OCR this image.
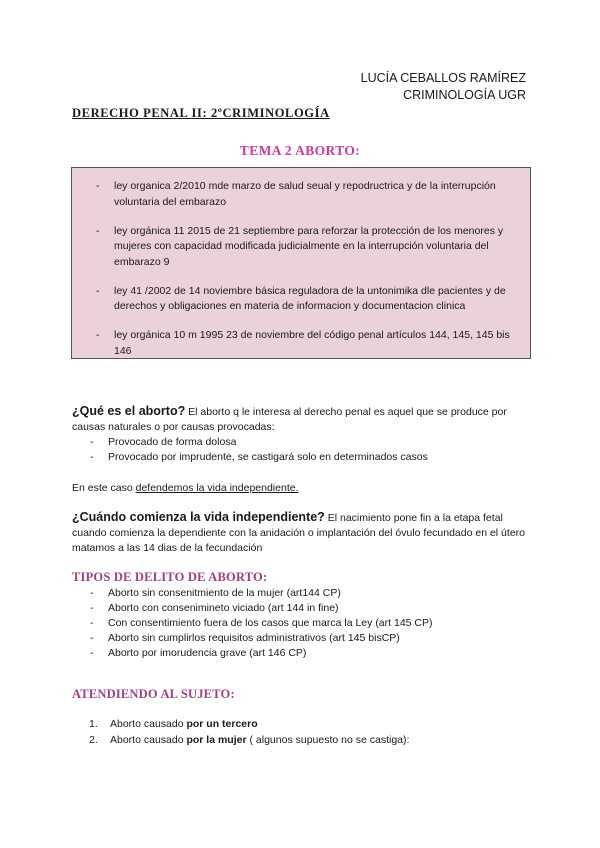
LUCÍA CEBALLOS RAMÍREZ
CRIMINOLOGÍA UGR
DERECHO PENAL II: 2ºCRIMINOLOGÍA
TEMA 2 ABORTO:
- ley organica 2/2010 mde marzo de salud seual y repodructrica y de la interrupción voluntaria del embarazo
- ley orgánica 11 2015 de 21 septiembre para reforzar la protección de los menores y mujeres con capacidad modificada judicialmente en la interrupción voluntaria del embarazo 9
- ley 41 /2002 de 14 noviembre básica reguladora de la untonimika dle pacientes y de derechos y obligaciones en materia de informacion y documentacion clinica
- ley orgánica 10 m 1995 23 de noviembre del código penal artículos 144, 145, 145 bis 146
¿Qué es el aborto? El aborto q le interesa al derecho penal es aquel que se produce por causas naturales o por causas provocadas:
- Provocado de forma dolosa
- Provocado por imprudente, se castigará solo en determinados casos
En este caso defendemos la vida independiente.
¿Cuándo comienza la vida independiente? El nacimiento pone fin a la etapa fetal cuando comienza la dependiente con la anidación o implantación del óvulo fecundado en el útero matamos a las 14 dias de la fecundación
TIPOS DE DELITO DE ABORTO:
- Aborto sin consenitmiento de la mujer (art144 CP)
- Aborto con consenimineto viciado (art 144 in fine)
- Con consentimiento fuera de los casos que marca la Ley (art 145 CP)
- Aborto sin cumplirlos requisitos administrativos (art 145 bisCP)
- Aborto por imorudencia grave (art 146 CP)
ATENDIENDO AL SUJETO:
1. Aborto causado por un tercero
2. Aborto causado por la mujer ( algunos supuesto no se castiga):
